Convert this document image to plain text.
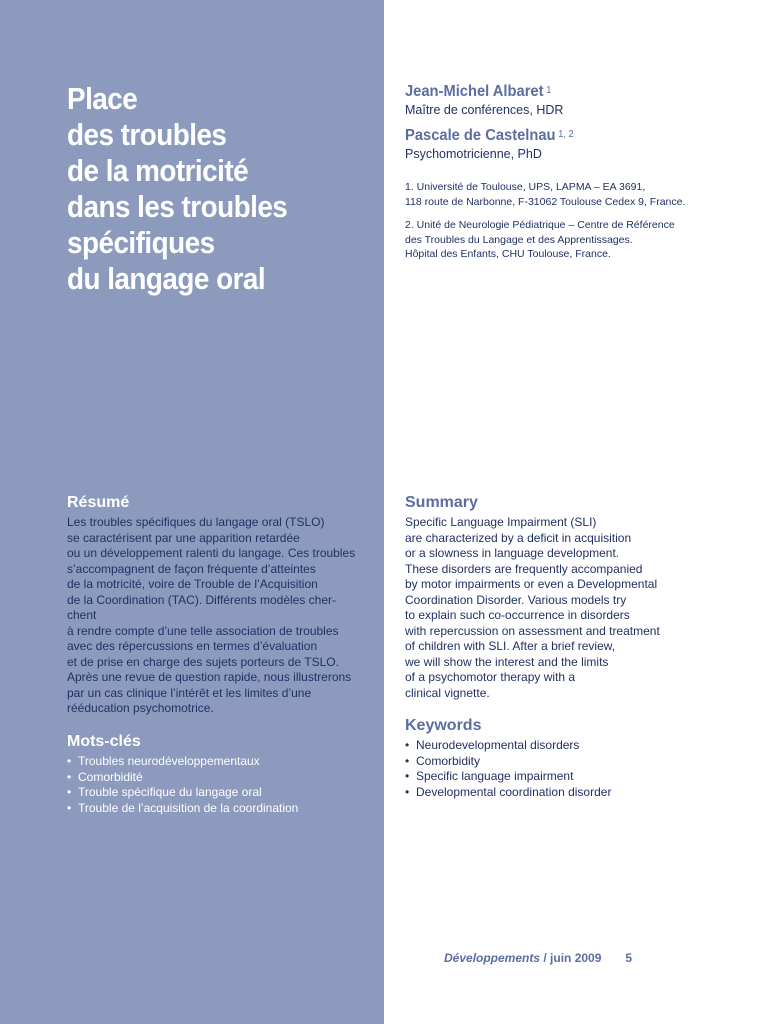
Place
des troubles
de la motricité
dans les troubles
spécifiques
du langage oral
Jean-Michel Albaret $^1$
Maître de conférences, HDR
Pascale de Castelnau $^{1, 2}$
Psychomotricienne, PhD
1. Université de Toulouse, UPS, LAPMA – EA 3691,
118 route de Narbonne, F-31062 Toulouse Cedex 9, France.
2. Unité de Neurologie Pédiatrique – Centre de Référence
des Troubles du Langage et des Apprentissages.
Hôpital des Enfants, CHU Toulouse, France.
Résumé
Les troubles spécifiques du langage oral (TSLO)
se caractérisent par une apparition retardée
ou un développement ralenti du langage. Ces troubles
s’accompagnent de façon fréquente d’atteintes
de la motricité, voire de Trouble de l’Acquisition
de la Coordination (TAC). Différents modèles cher-
chent
à rendre compte d’une telle association de troubles
avec des répercussions en termes d’évaluation
et de prise en charge des sujets porteurs de TSLO.
Après une revue de question rapide, nous illustrerons
par un cas clinique l’intérêt et les limites d’une
rééducation psychomotrice.
Mots-clés
• Troubles neurodéveloppementaux
• Comorbidité
• Trouble spécifique du langage oral
• Trouble de l’acquisition de la coordination
Summary
Specific Language Impairment (SLI)
are characterized by a deficit in acquisition
or a slowness in language development.
These disorders are frequently accompanied
by motor impairments or even a Developmental
Coordination Disorder. Various models try
to explain such co-occurrence in disorders
with repercussion on assessment and treatment
of children with SLI. After a brief review,
we will show the interest and the limits
of a psychomotor therapy with a
clinical vignette.
Keywords
• Neurodevelopmental disorders
• Comorbidity
• Specific language impairment
• Developmental coordination disorder
Développements / juin 2009 5
